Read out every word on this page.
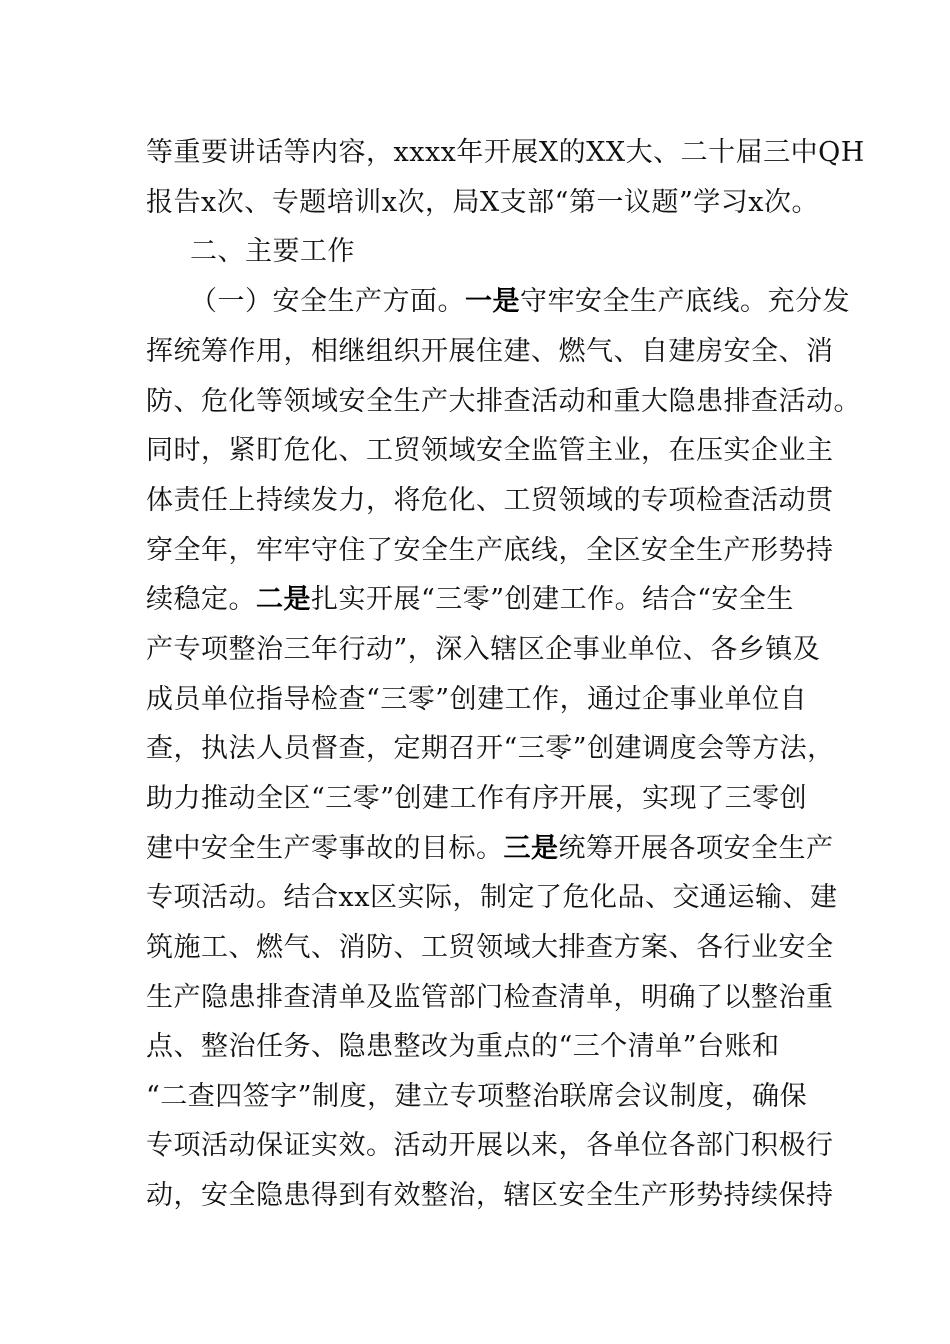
等重要讲话等内容，xxxx年开展X的XX大、二十届三中QH
报告x次、专题培训x次，局X支部“第一议题”学习x次。
二、主要工作
（一）安全生产方面。一是守牢安全生产底线。充分发
挥统筹作用，相继组织开展住建、燃气、自建房安全、消
防、危化等领域安全生产大排查活动和重大隐患排查活动。
同时，紧盯危化、工贸领域安全监管主业，在压实企业主
体责任上持续发力，将危化、工贸领域的专项检查活动贯
穿全年，牢牢守住了安全生产底线，全区安全生产形势持
续稳定。二是扎实开展“三零”创建工作。结合“安全生
产专项整治三年行动”，深入辖区企事业单位、各乡镇及
成员单位指导检查“三零”创建工作，通过企事业单位自
查，执法人员督查，定期召开“三零”创建调度会等方法，
助力推动全区“三零”创建工作有序开展，实现了三零创
建中安全生产零事故的目标。三是统筹开展各项安全生产
专项活动。结合xx区实际，制定了危化品、交通运输、建
筑施工、燃气、消防、工贸领域大排查方案、各行业安全
生产隐患排查清单及监管部门检查清单，明确了以整治重
点、整治任务、隐患整改为重点的“三个清单”台账和
“二查四签字”制度，建立专项整治联席会议制度，确保
专项活动保证实效。活动开展以来，各单位各部门积极行
动，安全隐患得到有效整治，辖区安全生产形势持续保持
